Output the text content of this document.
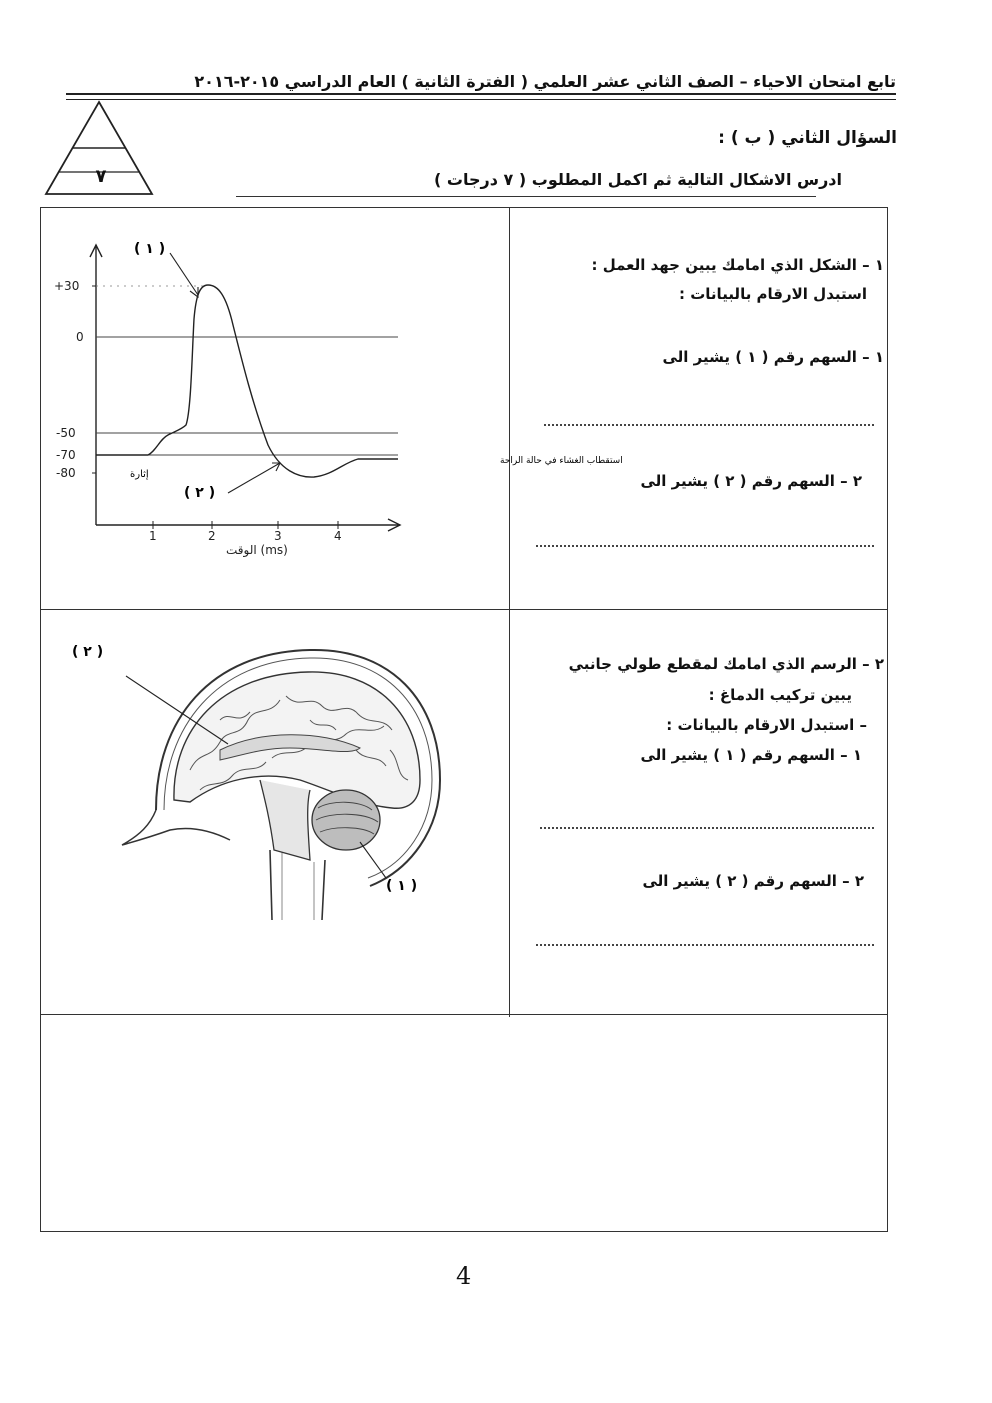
تابع امتحان الاحياء – الصف الثاني عشر العلمي ( الفترة الثانية ) العام الدراسي ٢٠١٥-٢٠١٦
٧
السؤال الثاني ( ب ) :
ادرس الاشكال التالية ثم اكمل المطلوب ( ٧ درجات )
+30
0
-50
-70
-80
1	2	3	4
الوقت (ms)
( ١ )
( ٢ )
إثارة
استقطاب الغشاء في حالة الراحة
١ – الشكل الذي امامك يبين جهد العمل :
استبدل الارقام بالبيانات :
١ – السهم رقم ( ١ ) يشير الى
٢ – السهم رقم ( ٢ ) يشير الى
( ٢ )
( ١ )
٢ – الرسم الذي امامك لمقطع طولي جانبي
يبين تركيب الدماغ :
– استبدل الارقام بالبيانات :
١ – السهم رقم ( ١ ) يشير الى
٢ – السهم رقم ( ٢ ) يشير الى
4
